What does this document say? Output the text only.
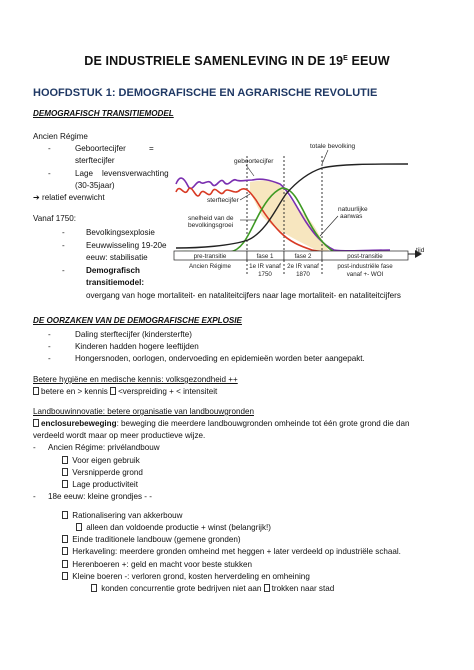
DE INDUSTRIELE SAMENLEVING IN DE $19^E$ EEUW
HOOFDSTUK 1: DEMOGRAFISCHE EN AGRARISCHE REVOLUTIE
DEMOGRAFISCH TRANSITIEMODEL
Ancien Régime
-	Geboortecijfer	=
sterftecijfer
-	Lage levensverwachting
(30-35jaar)
➔ relatief evenwicht
Vanaf 1750:
-	Bevolkingsexplosie
-	Eeuwwisseling 19-20e
eeuw: stabilisatie
-	Demografisch
transitiemodel:
overgang van hoge mortaliteit- en nataliteitcijfers naar lage mortaliteit- en nataliteitcijfers
geboortecijfer
totale bevolking
sterftecijfer
snelheid van de
bevolkingsgroei
natuurlijke
aanwas
tijd
pre-transitie	fase 1	fase 2	post-transitie
Ancien Régime	1e IR vanaf
1750
2e IR vanaf
1870
post-industriële fase
vanaf +- WOI
DE OORZAKEN VAN DE DEMOGRAFISCHE EXPLOSIE
-	Daling sterftecijfer (kindersterfte)
-	Kinderen hadden hogere leeftijden
-	Hongersnoden, oorlogen, ondervoeding en epidemieën worden beter aangepakt.
Betere hygiëne en medische kennis: volksgezondheid ++
betere en > kennis <verspreiding + < intensiteit
Landbouwinnovatie: betere organisatie van landbouwgronden
enclosurebeweging: beweging die meerdere landbouwgronden omheinde tot één grote grond die dan
verdeeld wordt maar op meer productieve wijze.
- Ancien Régime: privélandbouw
Voor eigen gebruik
Versnipperde grond
Lage productiviteit
- 18e eeuw: kleine grondjes - -
Rationalisering van akkerbouw
alleen dan voldoende productie + winst (belangrijk!)
Einde traditionele landbouw (gemene gronden)
Herkaveling: meerdere gronden omheind met heggen + later verdeeld op industriële schaal.
Herenboeren +: geld en macht voor beste stukken
Kleine boeren -: verloren grond, kosten herverdeling en omheining
konden concurrentie grote bedrijven niet aan trokken naar stad
